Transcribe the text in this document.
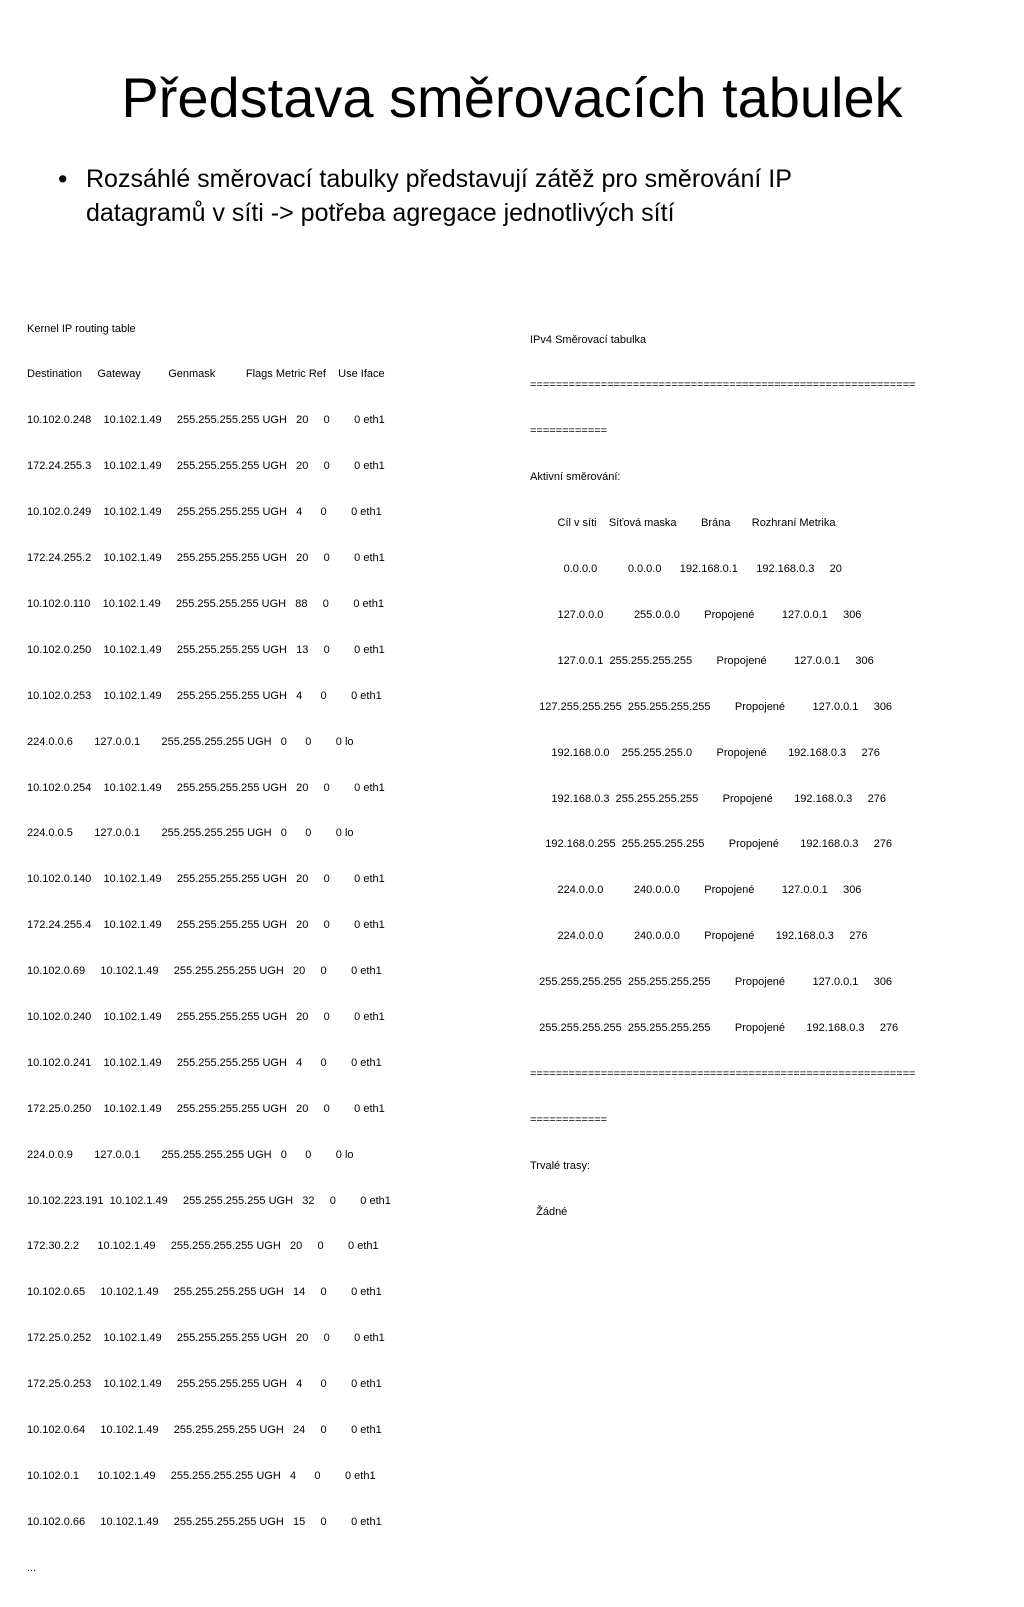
Představa směrovacích tabulek
• Rozsáhlé směrovací tabulky představují zátěž pro směrování IP datagramů v síti -> potřeba agregace jednotlivých sítí

Kernel IP routing table

Destination     Gateway         Genmask          Flags Metric Ref    Use Iface

10.102.0.248    10.102.1.49     255.255.255.255 UGH   20     0        0 eth1

172.24.255.3    10.102.1.49     255.255.255.255 UGH   20     0        0 eth1

10.102.0.249    10.102.1.49     255.255.255.255 UGH   4      0        0 eth1

172.24.255.2    10.102.1.49     255.255.255.255 UGH   20     0        0 eth1

10.102.0.110    10.102.1.49     255.255.255.255 UGH   88     0        0 eth1

10.102.0.250    10.102.1.49     255.255.255.255 UGH   13     0        0 eth1

10.102.0.253    10.102.1.49     255.255.255.255 UGH   4      0        0 eth1

224.0.0.6       127.0.0.1       255.255.255.255 UGH   0      0        0 lo

10.102.0.254    10.102.1.49     255.255.255.255 UGH   20     0        0 eth1

224.0.0.5       127.0.0.1       255.255.255.255 UGH   0      0        0 lo

10.102.0.140    10.102.1.49     255.255.255.255 UGH   20     0        0 eth1

172.24.255.4    10.102.1.49     255.255.255.255 UGH   20     0        0 eth1

10.102.0.69     10.102.1.49     255.255.255.255 UGH   20     0        0 eth1

10.102.0.240    10.102.1.49     255.255.255.255 UGH   20     0        0 eth1

10.102.0.241    10.102.1.49     255.255.255.255 UGH   4      0        0 eth1

172.25.0.250    10.102.1.49     255.255.255.255 UGH   20     0        0 eth1

224.0.0.9       127.0.0.1       255.255.255.255 UGH   0      0        0 lo

10.102.223.191  10.102.1.49     255.255.255.255 UGH   32     0        0 eth1

172.30.2.2      10.102.1.49     255.255.255.255 UGH   20     0        0 eth1

10.102.0.65     10.102.1.49     255.255.255.255 UGH   14     0        0 eth1

172.25.0.252    10.102.1.49     255.255.255.255 UGH   20     0        0 eth1

172.25.0.253    10.102.1.49     255.255.255.255 UGH   4      0        0 eth1

10.102.0.64     10.102.1.49     255.255.255.255 UGH   24     0        0 eth1

10.102.0.1      10.102.1.49     255.255.255.255 UGH   4      0        0 eth1

10.102.0.66     10.102.1.49     255.255.255.255 UGH   15     0        0 eth1

...

IPv4 Směrovací tabulka

============================================================

============

Aktivní směrování:

Cíl v síti    Síťová maska        Brána       Rozhraní Metrika

0.0.0.0          0.0.0.0      192.168.0.1      192.168.0.3     20

127.0.0.0          255.0.0.0        Propojené         127.0.0.1     306

127.0.0.1  255.255.255.255        Propojené         127.0.0.1     306

127.255.255.255  255.255.255.255        Propojené         127.0.0.1     306

192.168.0.0    255.255.255.0        Propojené       192.168.0.3     276

192.168.0.3  255.255.255.255        Propojené       192.168.0.3     276

192.168.0.255  255.255.255.255        Propojené       192.168.0.3     276

224.0.0.0          240.0.0.0        Propojené         127.0.0.1     306

224.0.0.0          240.0.0.0        Propojené       192.168.0.3     276

255.255.255.255  255.255.255.255        Propojené         127.0.0.1     306

255.255.255.255  255.255.255.255        Propojené       192.168.0.3     276

============================================================

============

Trvalé trasy:

Žádné
